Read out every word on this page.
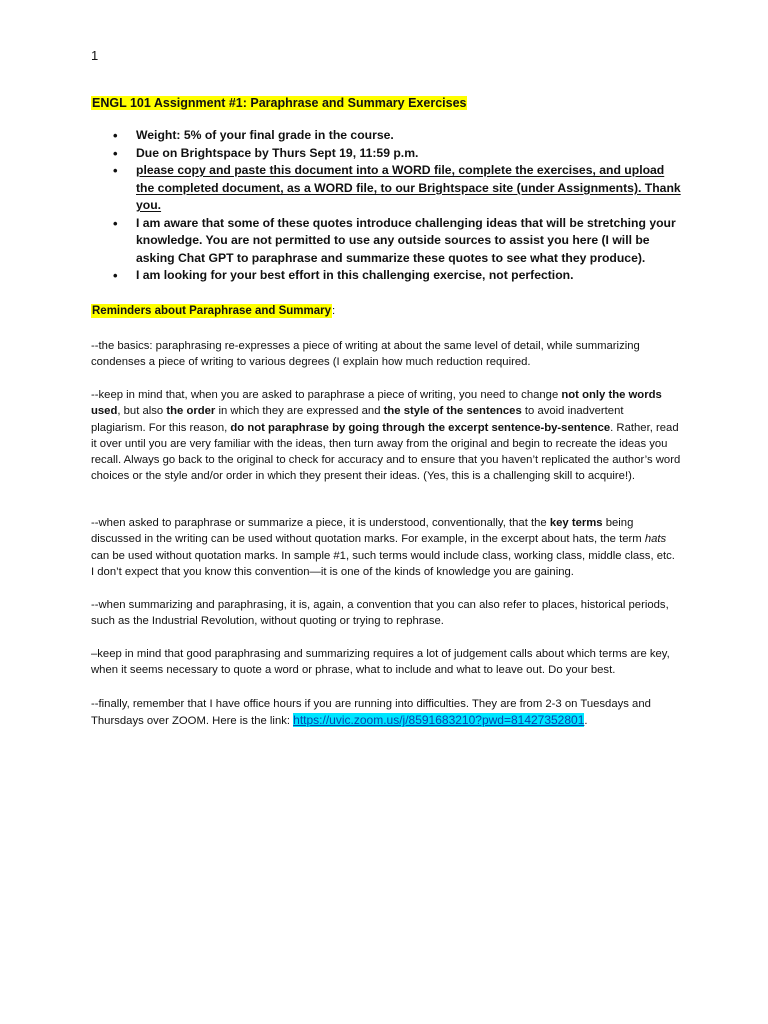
1
ENGL 101 Assignment #1: Paraphrase and Summary Exercises
• Weight: 5% of your final grade in the course.
• Due on Brightspace by Thurs Sept 19, 11:59 p.m.
• please copy and paste this document into a WORD file, complete the exercises, and upload the completed document, as a WORD file, to our Brightspace site (under Assignments). Thank you.
• I am aware that some of these quotes introduce challenging ideas that will be stretching your knowledge. You are not permitted to use any outside sources to assist you here (I will be asking Chat GPT to paraphrase and summarize these quotes to see what they produce).
• I am looking for your best effort in this challenging exercise, not perfection.
Reminders about Paraphrase and Summary:
--the basics: paraphrasing re-expresses a piece of writing at about the same level of detail, while summarizing condenses a piece of writing to various degrees (I explain how much reduction required.
--keep in mind that, when you are asked to paraphrase a piece of writing, you need to change not only the words used, but also the order in which they are expressed and the style of the sentences to avoid inadvertent plagiarism. For this reason, do not paraphrase by going through the excerpt sentence-by-sentence. Rather, read it over until you are very familiar with the ideas, then turn away from the original and begin to recreate the ideas you recall. Always go back to the original to check for accuracy and to ensure that you haven’t replicated the author’s word choices or the style and/or order in which they present their ideas. (Yes, this is a challenging skill to acquire!).
--when asked to paraphrase or summarize a piece, it is understood, conventionally, that the key terms being discussed in the writing can be used without quotation marks. For example, in the excerpt about hats, the term hats can be used without quotation marks. In sample #1, such terms would include class, working class, middle class, etc. I don’t expect that you know this convention—it is one of the kinds of knowledge you are gaining.
--when summarizing and paraphrasing, it is, again, a convention that you can also refer to places, historical periods, such as the Industrial Revolution, without quoting or trying to rephrase.
–keep in mind that good paraphrasing and summarizing requires a lot of judgement calls about which terms are key, when it seems necessary to quote a word or phrase, what to include and what to leave out. Do your best.
--finally, remember that I have office hours if you are running into difficulties. They are from 2-3 on Tuesdays and Thursdays over ZOOM. Here is the link: https://uvic.zoom.us/j/8591683210?pwd=81427352801.
